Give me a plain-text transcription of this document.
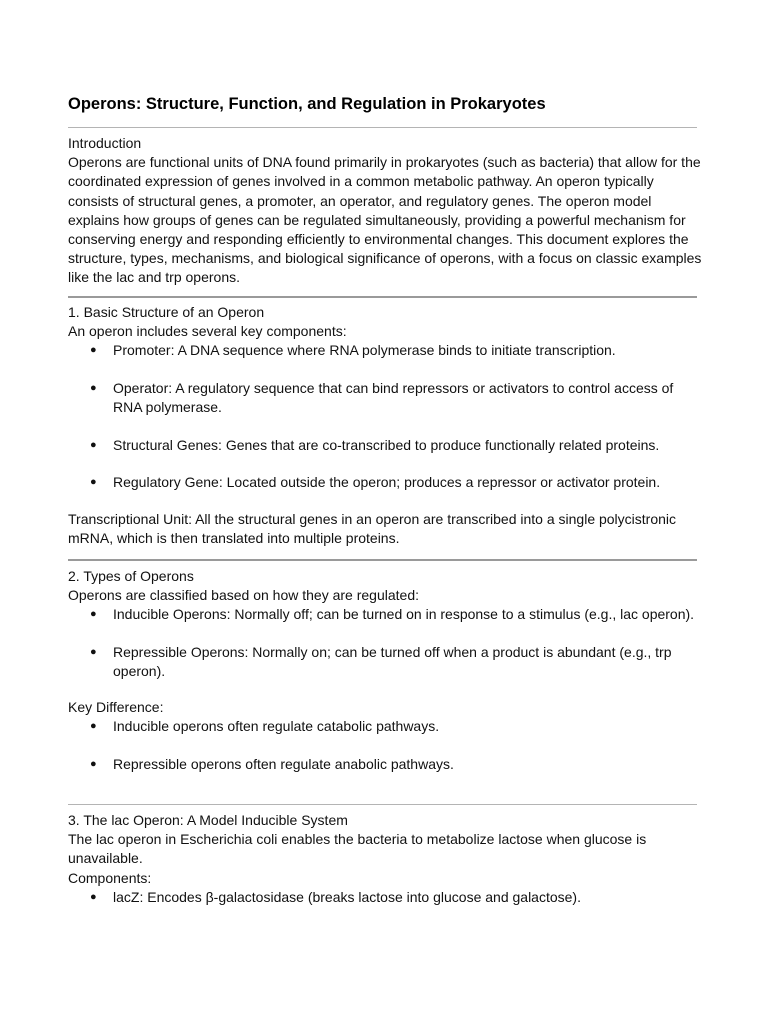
Operons: Structure, Function, and Regulation in Prokaryotes

Introduction

Operons are functional units of DNA found primarily in prokaryotes (such as bacteria) that allow for the coordinated expression of genes involved in a common metabolic pathway. An operon typically consists of structural genes, a promoter, an operator, and regulatory genes. The operon model explains how groups of genes can be regulated simultaneously, providing a powerful mechanism for conserving energy and responding efficiently to environmental changes. This document explores the structure, types, mechanisms, and biological significance of operons, with a focus on classic examples like the lac and trp operons.

1. Basic Structure of an Operon

An operon includes several key components:

● Promoter: A DNA sequence where RNA polymerase binds to initiate transcription.
● Operator: A regulatory sequence that can bind repressors or activators to control access of RNA polymerase.
● Structural Genes: Genes that are co-transcribed to produce functionally related proteins.
● Regulatory Gene: Located outside the operon; produces a repressor or activator protein.

Transcriptional Unit: All the structural genes in an operon are transcribed into a single polycistronic mRNA, which is then translated into multiple proteins.

2. Types of Operons

Operons are classified based on how they are regulated:

● Inducible Operons: Normally off; can be turned on in response to a stimulus (e.g., lac operon).
● Repressible Operons: Normally on; can be turned off when a product is abundant (e.g., trp operon).

Key Difference:

● Inducible operons often regulate catabolic pathways.
● Repressible operons often regulate anabolic pathways.

3. The lac Operon: A Model Inducible System

The lac operon in Escherichia coli enables the bacteria to metabolize lactose when glucose is unavailable.

Components:

● lacZ: Encodes β-galactosidase (breaks lactose into glucose and galactose).
